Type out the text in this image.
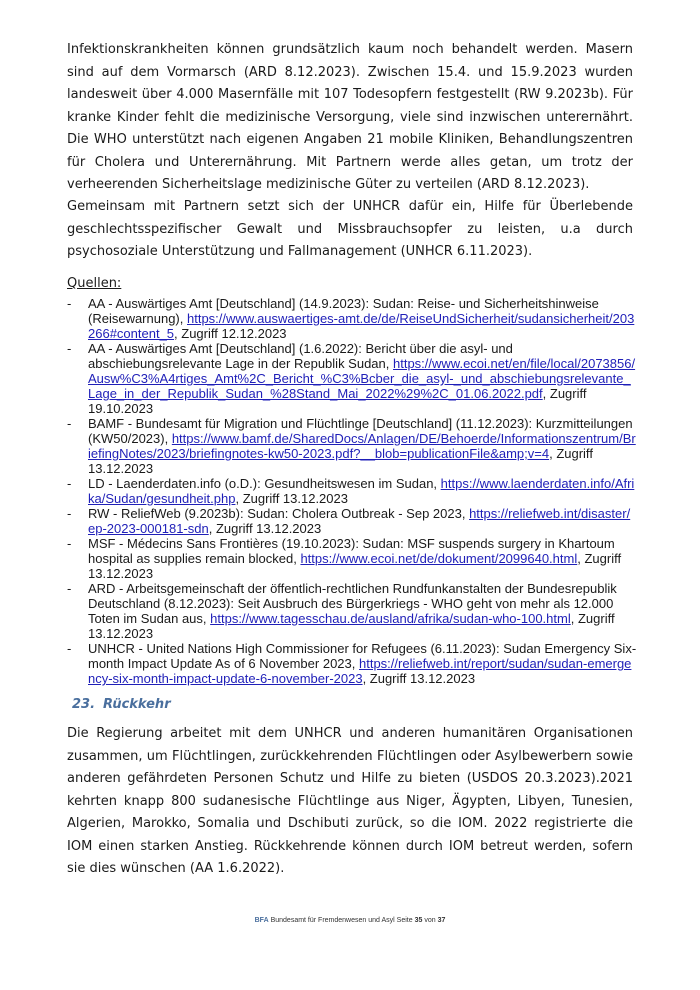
Infektionskrankheiten können grundsätzlich kaum noch behandelt werden. Masern sind auf dem Vormarsch (ARD 8.12.2023). Zwischen 15.4. und 15.9.2023 wurden landesweit über 4.000 Masernfälle mit 107 Todesopfern festgestellt (RW 9.2023b). Für kranke Kinder fehlt die medizinische Versorgung, viele sind inzwischen unterernährt. Die WHO unterstützt nach eigenen Angaben 21 mobile Kliniken, Behandlungszentren für Cholera und Unterernährung. Mit Partnern werde alles getan, um trotz der verheerenden Sicherheitslage medizinische Güter zu verteilen (ARD 8.12.2023).

Gemeinsam mit Partnern setzt sich der UNHCR dafür ein, Hilfe für Überlebende geschlechtsspezifischer Gewalt und Missbrauchsopfer zu leisten, u.a durch psychosoziale Unterstützung und Fallmanagement (UNHCR 6.11.2023).

Quellen:

- AA - Auswärtiges Amt [Deutschland] (14.9.2023): Sudan: Reise- und Sicherheitshinweise (Reisewarnung), https://www.auswaertiges-amt.de/de/ReiseUndSicherheit/sudansicherheit/203266#content_5, Zugriff 12.12.2023
- AA - Auswärtiges Amt [Deutschland] (1.6.2022): Bericht über die asyl- und abschiebungsrelevante Lage in der Republik Sudan, https://www.ecoi.net/en/file/local/2073856/Ausw%C3%A4rtiges_Amt%2C_Bericht_%C3%Bcber_die_asyl-_und_abschiebungsrelevante_Lage_in_der_Republik_Sudan_%28Stand_Mai_2022%29%2C_01.06.2022.pdf, Zugriff 19.10.2023
- BAMF - Bundesamt für Migration und Flüchtlinge [Deutschland] (11.12.2023): Kurzmitteilungen (KW50/2023), https://www.bamf.de/SharedDocs/Anlagen/DE/Behoerde/Informationszentrum/BriefingNotes/2023/briefingnotes-kw50-2023.pdf?__blob=publicationFile&amp;v=4, Zugriff 13.12.2023
- LD - Laenderdaten.info (o.D.): Gesundheitswesen im Sudan, https://www.laenderdaten.info/Afrika/Sudan/gesundheit.php, Zugriff 13.12.2023
- RW - ReliefWeb (9.2023b): Sudan: Cholera Outbreak - Sep 2023, https://reliefweb.int/disaster/ep-2023-000181-sdn, Zugriff 13.12.2023
- MSF - Médecins Sans Frontières (19.10.2023): Sudan: MSF suspends surgery in Khartoum hospital as supplies remain blocked, https://www.ecoi.net/de/dokument/2099640.html, Zugriff 13.12.2023
- ARD - Arbeitsgemeinschaft der öffentlich-rechtlichen Rundfunkanstalten der Bundesrepublik Deutschland (8.12.2023): Seit Ausbruch des Bürgerkriegs - WHO geht von mehr als 12.000 Toten im Sudan aus, https://www.tagesschau.de/ausland/afrika/sudan-who-100.html, Zugriff 13.12.2023
- UNHCR - United Nations High Commissioner for Refugees (6.11.2023): Sudan Emergency Six-month Impact Update As of 6 November 2023, https://reliefweb.int/report/sudan/sudan-emergency-six-month-impact-update-6-november-2023, Zugriff 13.12.2023

23. Rückkehr

Die Regierung arbeitet mit dem UNHCR und anderen humanitären Organisationen zusammen, um Flüchtlingen, zurückkehrenden Flüchtlingen oder Asylbewerbern sowie anderen gefährdeten Personen Schutz und Hilfe zu bieten (USDOS 20.3.2023).2021 kehrten knapp 800 sudanesische Flüchtlinge aus Niger, Ägypten, Libyen, Tunesien, Algerien, Marokko, Somalia und Dschibuti zurück, so die IOM. 2022 registrierte die IOM einen starken Anstieg. Rückkehrende können durch IOM betreut werden, sofern sie dies wünschen (AA 1.6.2022).

BFA Bundesamt für Fremdenwesen und Asyl Seite 35 von 37
